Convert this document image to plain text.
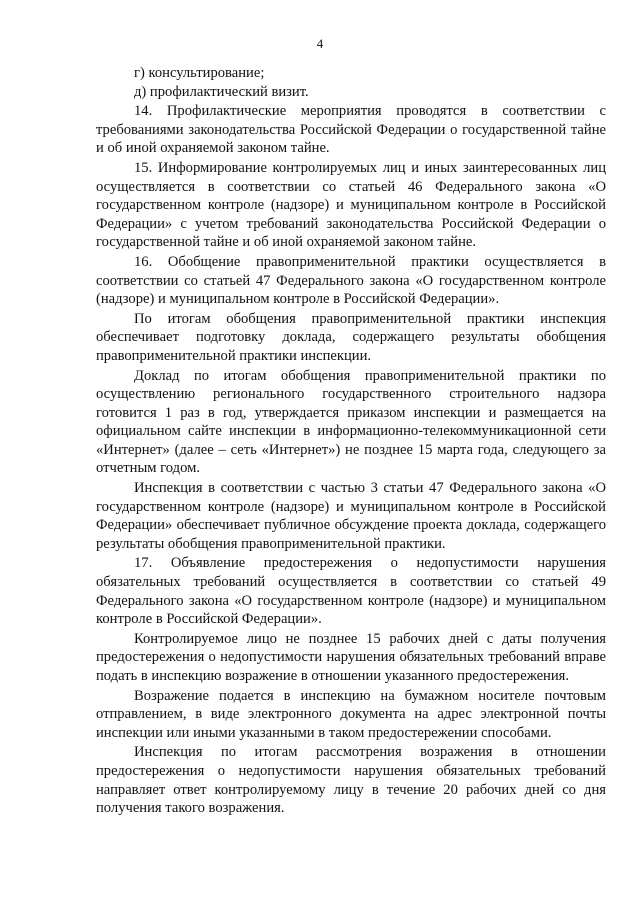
4

г) консультирование;

д) профилактический визит.

14. Профилактические мероприятия проводятся в соответствии с требованиями законодательства Российской Федерации о государственной тайне и об иной охраняемой законом тайне.

15. Информирование контролируемых лиц и иных заинтересованных лиц осуществляется в соответствии со статьей 46 Федерального закона «О государственном контроле (надзоре) и муниципальном контроле в Российской Федерации» с учетом требований законодательства Российской Федерации о государственной тайне и об иной охраняемой законом тайне.

16. Обобщение правоприменительной практики осуществляется в соответствии со статьей 47 Федерального закона «О государственном контроле (надзоре) и муниципальном контроле в Российской Федерации».

По итогам обобщения правоприменительной практики инспекция обеспечивает подготовку доклада, содержащего результаты обобщения правоприменительной практики инспекции.

Доклад по итогам обобщения правоприменительной практики по осуществлению регионального государственного строительного надзора готовится 1 раз в год, утверждается приказом инспекции и размещается на официальном сайте инспекции в информационно-телекоммуникационной сети «Интернет» (далее – сеть «Интернет») не позднее 15 марта года, следующего за отчетным годом.

Инспекция в соответствии с частью 3 статьи 47 Федерального закона «О государственном контроле (надзоре) и муниципальном контроле в Российской Федерации» обеспечивает публичное обсуждение проекта доклада, содержащего результаты обобщения правоприменительной практики.

17. Объявление предостережения о недопустимости нарушения обязательных требований осуществляется в соответствии со статьей 49 Федерального закона «О государственном контроле (надзоре) и муниципальном контроле в Российской Федерации».

Контролируемое лицо не позднее 15 рабочих дней с даты получения предостережения о недопустимости нарушения обязательных требований вправе подать в инспекцию возражение в отношении указанного предостережения.

Возражение подается в инспекцию на бумажном носителе почтовым отправлением, в виде электронного документа на адрес электронной почты инспекции или иными указанными в таком предостережении способами.

Инспекция по итогам рассмотрения возражения в отношении предостережения о недопустимости нарушения обязательных требований направляет ответ контролируемому лицу в течение 20 рабочих дней со дня получения такого возражения.
